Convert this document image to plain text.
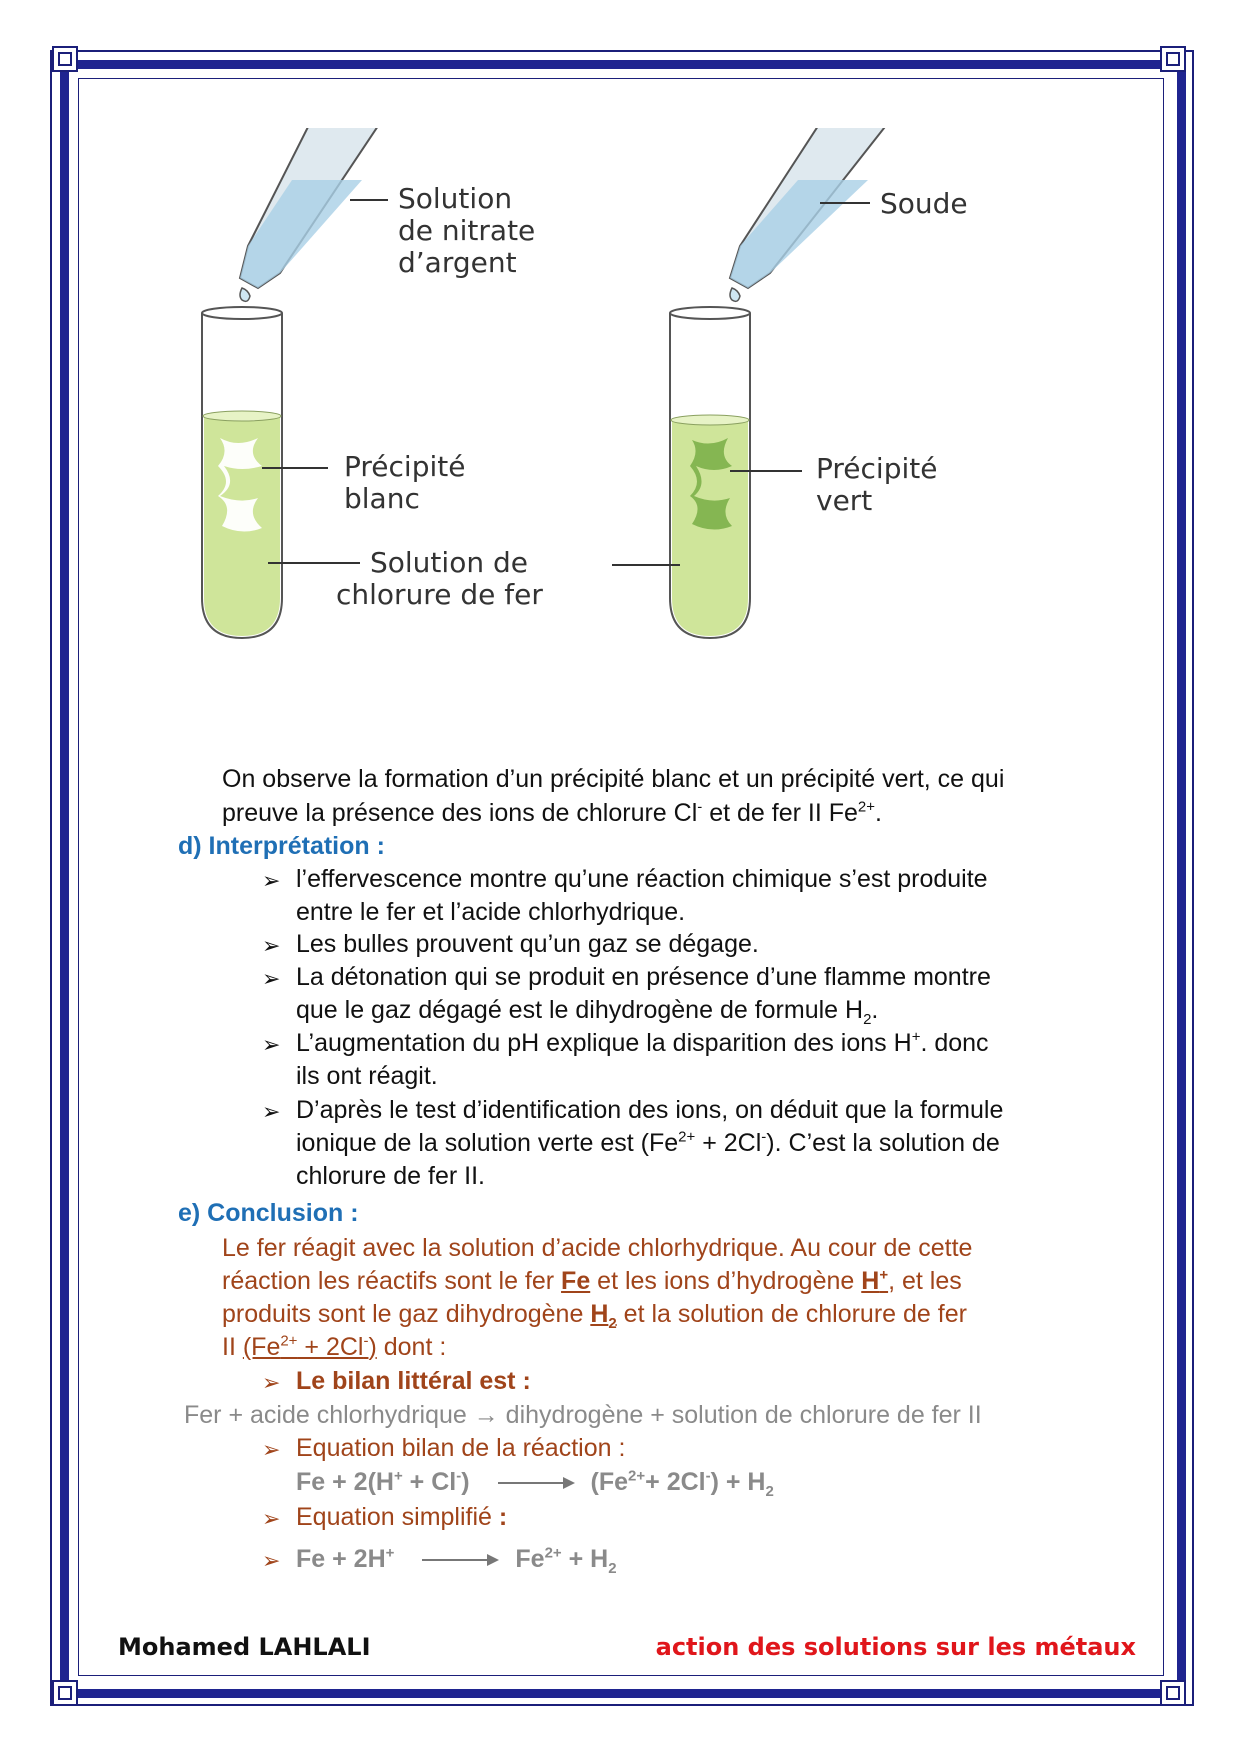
Solution
de nitrate
d’argent
Soude
Précipité
blanc
Précipité
vert
Solution de
chlorure de fer

On observe la formation d’un précipité blanc et un précipité vert, ce qui

preuve la présence des ions de chlorure Cl- et de fer II $Fe^{2+}$.

d) Interprétation :

➢ l’effervescence montre qu’une réaction chimique s’est produite

entre le fer et l’acide chlorhydrique.

➢ Les bulles prouvent qu’un gaz se dégage.

➢ La détonation qui se produit en présence d’une flamme montre

que le gaz dégagé est le dihydrogène de formule $H_2$.

➢ L’augmentation du pH explique la disparition des ions H+. donc

ils ont réagit.

➢ D’après le test d’identification des ions, on déduit que la formule

ionique de la solution verte est $(Fe^{2+} + 2Cl^-)$. C’est la solution de

chlorure de fer II.

e) Conclusion :

Le fer réagit avec la solution d’acide chlorhydrique. Au cour de cette

réaction les réactifs sont le fer Fe et les ions d’hydrogène H+, et les

produits sont le gaz dihydrogène $H_2$ et la solution de chlorure de fer

II $(Fe^{2+} + 2Cl^-)$ dont :

➢ Le bilan littéral est :

Fer + acide chlorhydrique → dihydrogène + solution de chlorure de fer II

➢ Equation bilan de la réaction :

$Fe + 2(H^+ + Cl^-) \to (Fe^{2+}+ 2Cl^-) + H_2$

➢ Equation simplifié :

➢ $Fe + 2H^+ \to Fe^{2+} + H_2$

Mohamed LAHLALI	action des solutions sur les métaux
